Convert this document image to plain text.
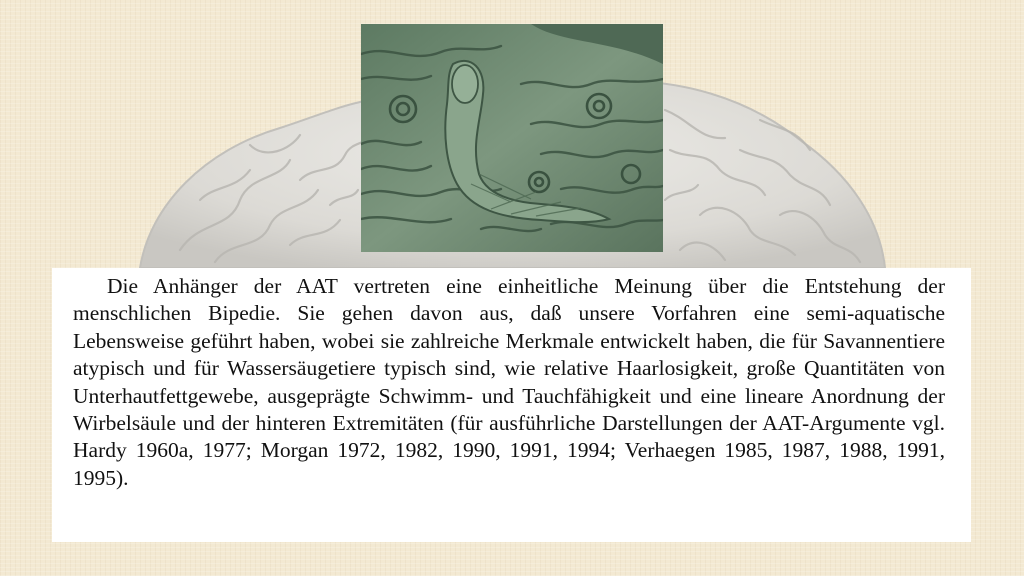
Die Anhänger der AAT vertreten eine einheitliche Meinung über die Entstehung der menschlichen Bipedie. Sie gehen davon aus, daß unsere Vorfahren eine semi-aquatische Lebensweise geführt haben, wobei sie zahlreiche Merkmale entwickelt haben, die für Savannentiere atypisch und für Wassersäugetiere typisch sind, wie relative Haarlosigkeit, große Quantitäten von Unterhautfettgewebe, ausgeprägte Schwimm- und Tauchfähigkeit und eine lineare Anordnung der Wirbelsäule und der hinteren Extremitäten (für ausführliche Darstellungen der AAT-Argumente vgl. Hardy 1960a, 1977; Morgan 1972, 1982, 1990, 1991, 1994; Verhaegen 1985, 1987, 1988, 1991, 1995).
